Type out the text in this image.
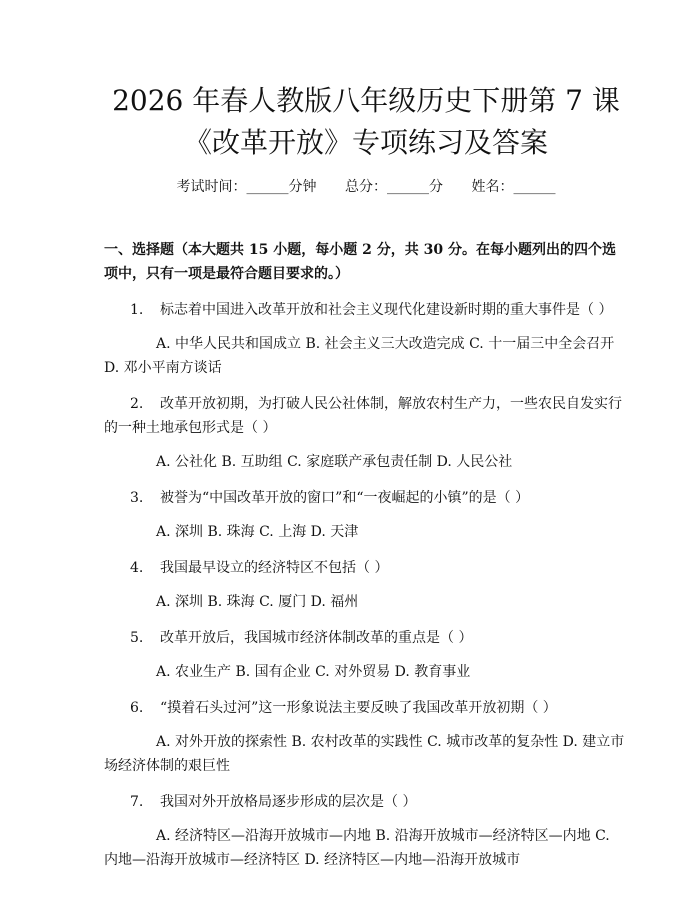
2026 年春人教版八年级历史下册第 7 课《改革开放》专项练习及答案
考试时间：______分钟 总分：______分 姓名：______
一、选择题（本大题共 15 小题，每小题 2 分，共 30 分。在每小题列出的四个选项中，只有一项是最符合题目要求的。）
1. 标志着中国进入改革开放和社会主义现代化建设新时期的重大事件是（ ）
A. 中华人民共和国成立 B. 社会主义三大改造完成 C. 十一届三中全会召开 D. 邓小平南方谈话
2. 改革开放初期，为打破人民公社体制，解放农村生产力，一些农民自发实行的一种土地承包形式是（ ）
A. 公社化 B. 互助组 C. 家庭联产承包责任制 D. 人民公社
3. 被誉为“中国改革开放的窗口”和“一夜崛起的小镇”的是（ ）
A. 深圳 B. 珠海 C. 上海 D. 天津
4. 我国最早设立的经济特区不包括（ ）
A. 深圳 B. 珠海 C. 厦门 D. 福州
5. 改革开放后，我国城市经济体制改革的重点是（ ）
A. 农业生产 B. 国有企业 C. 对外贸易 D. 教育事业
6. “摸着石头过河”这一形象说法主要反映了我国改革开放初期（ ）
A. 对外开放的探索性 B. 农村改革的实践性 C. 城市改革的复杂性 D. 建立市场经济体制的艰巨性
7. 我国对外开放格局逐步形成的层次是（ ）
A. 经济特区—沿海开放城市—内地 B. 沿海开放城市—经济特区—内地 C. 内地—沿海开放城市—经济特区 D. 经济特区—内地—沿海开放城市
